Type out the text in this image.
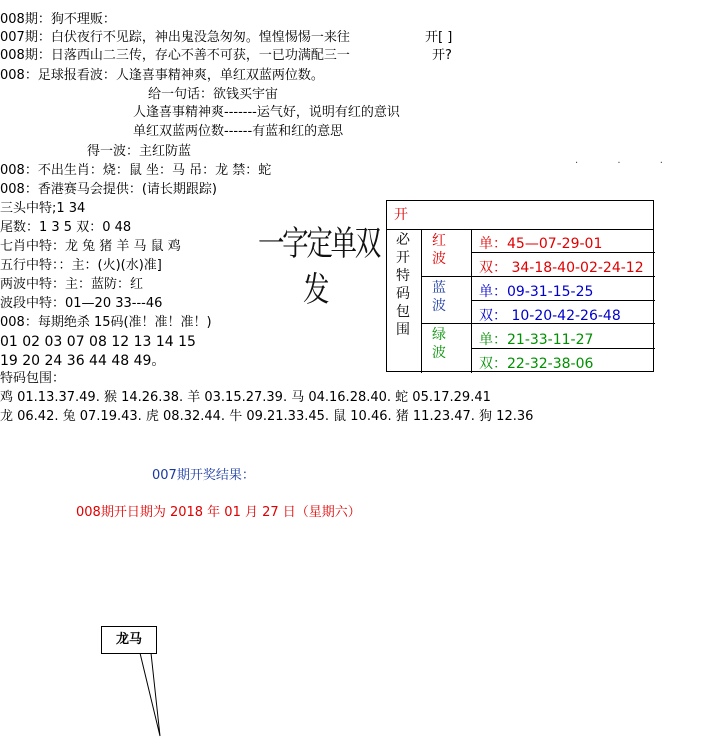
008期：狗不理贩：
007期：白伏夜行不见踪，神出鬼没急匆匆。惶惶惕惕一来往	开[ ]
008期：日落西山二三传，存心不善不可获，一已功满配三一	开?
008：足球报看波：人逢喜事精神爽，单红双蓝两位数。
给一句话：欲钱买宇宙
人逢喜事精神爽-------运气好，说明有红的意识
单红双蓝两位数------有蓝和红的意思
得一波：主红防蓝
008：不出生肖：烧：鼠 坐：马 吊：龙 禁：蛇
008：香港赛马会提供：(请长期跟踪)
三头中特;1 34
尾数：1 3 5 双：0 48
七肖中特：龙 兔 猪 羊 马 鼠 鸡
五行中特：：主：(火)(水)准]
两波中特：主：蓝防：红
波段中特：01—20 33---46
008：每期绝杀 15码(准！准！准！)
01 02 03 07 08 12 13 14 15
19 20 24 36 44 48 49。
特码包围：
鸡 01.13.37.49. 猴 14.26.38. 羊 03.15.27.39. 马 04.16.28.40. 蛇 05.17.29.41
龙 06.42. 兔 07.19.43. 虎 08.32.44. 牛 09.21.33.45. 鼠 10.46. 猪 11.23.47. 狗 12.36
一字定单双
发
· · ·
开
必
开
特
码
包
围
红
波
蓝
波
绿
波
单：45—07-29-01
双： 34-18-40-02-24-12
单：09-31-15-25
双： 10-20-42-26-48
单：21-33-11-27
双：22-32-38-06
007期开奖结果：
008期开日期为 2018 年 01 月 27 日（星期六）
龙马
